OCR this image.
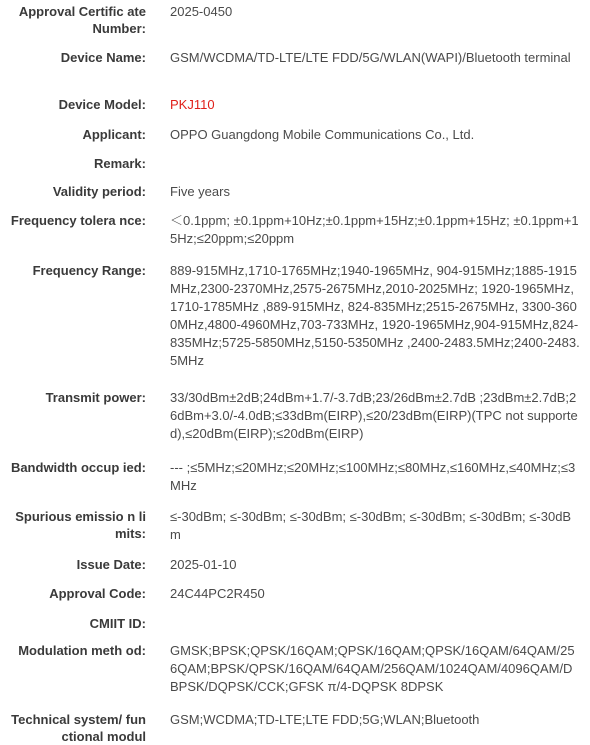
Approval Certific ate Number:
2025-0450
Device Name: GSM/WCDMA/TD-LTE/LTE FDD/5G/WLAN(WAPI)/Bluetooth terminal
Device Model: PKJ110
Applicant: OPPO Guangdong Mobile Communications Co., Ltd.
Remark:
Validity period: Five years
Frequency tolera nce: ＜0.1ppm; ±0.1ppm+10Hz;±0.1ppm+15Hz;±0.1ppm+15Hz; ±0.1ppm+15Hz;≤20ppm;≤20ppm
Frequency Range: 889-915MHz,1710-1765MHz;1940-1965MHz, 904-915MHz;1885-1915MHz,2300-2370MHz,2575-2675MHz,2010-2025MHz; 1920-1965MHz,1710-1785MHz ,889-915MHz, 824-835MHz;2515-2675MHz, 3300-3600MHz,4800-4960MHz,703-733MHz, 1920-1965MHz,904-915MHz,824-835MHz;5725-5850MHz,5150-5350MHz ,2400-2483.5MHz;2400-2483.5MHz
Transmit power: 33/30dBm±2dB;24dBm+1.7/-3.7dB;23/26dBm±2.7dB ;23dBm±2.7dB;26dBm+3.0/-4.0dB;≤33dBm(EIRP),≤20/23dBm(EIRP)(TPC not supported),≤20dBm(EIRP);≤20dBm(EIRP)
Bandwidth occup ied: --- ;≤5MHz;≤20MHz;≤20MHz;≤100MHz;≤80MHz,≤160MHz,≤40MHz;≤3MHz
Spurious emissio n limits:
≤-30dBm; ≤-30dBm; ≤-30dBm; ≤-30dBm; ≤-30dBm; ≤-30dBm; ≤-30dBm
Issue Date: 2025-01-10
Approval Code: 24C44PC2R450
CMIIT ID:
Modulation meth od: GMSK;BPSK;QPSK/16QAM;QPSK/16QAM;QPSK/16QAM/64QAM/256QAM;BPSK/QPSK/16QAM/64QAM/256QAM/1024QAM/4096QAM/DBPSK/DQPSK/CCK;GFSK π/4-DQPSK 8DPSK
Technical system/ functional modul
GSM;WCDMA;TD-LTE;LTE FDD;5G;WLAN;Bluetooth
